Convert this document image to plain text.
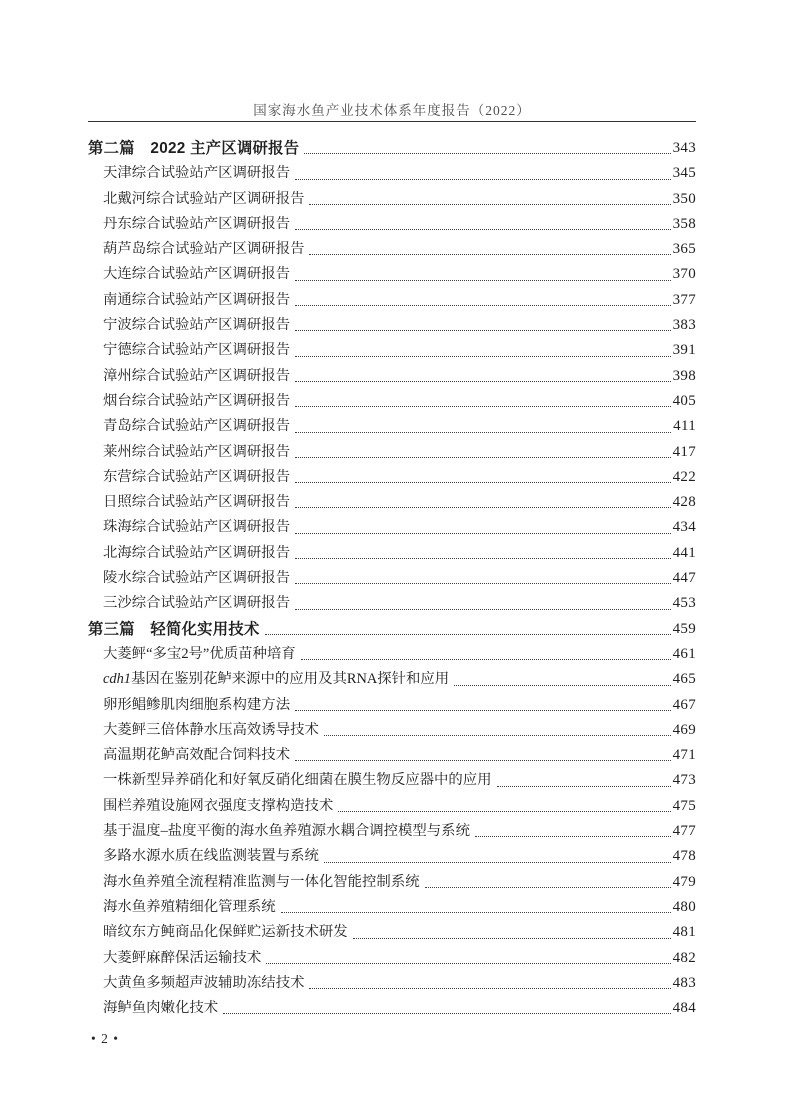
国家海水鱼产业技术体系年度报告（2022）
第二篇　2022 主产区调研报告	343
天津综合试验站产区调研报告	345
北戴河综合试验站产区调研报告	350
丹东综合试验站产区调研报告	358
葫芦岛综合试验站产区调研报告	365
大连综合试验站产区调研报告	370
南通综合试验站产区调研报告	377
宁波综合试验站产区调研报告	383
宁德综合试验站产区调研报告	391
漳州综合试验站产区调研报告	398
烟台综合试验站产区调研报告	405
青岛综合试验站产区调研报告	411
莱州综合试验站产区调研报告	417
东营综合试验站产区调研报告	422
日照综合试验站产区调研报告	428
珠海综合试验站产区调研报告	434
北海综合试验站产区调研报告	441
陵水综合试验站产区调研报告	447
三沙综合试验站产区调研报告	453
第三篇　轻简化实用技术	459
大菱鲆“多宝2号”优质苗种培育	461
cdh1基因在鉴别花鲈来源中的应用及其RNA探针和应用	465
卵形鲳鲹肌肉细胞系构建方法	467
大菱鲆三倍体静水压高效诱导技术	469
高温期花鲈高效配合饲料技术	471
一株新型异养硝化和好氧反硝化细菌在膜生物反应器中的应用	473
围栏养殖设施网衣强度支撑构造技术	475
基于温度–盐度平衡的海水鱼养殖源水耦合调控模型与系统	477
多路水源水质在线监测装置与系统	478
海水鱼养殖全流程精准监测与一体化智能控制系统	479
海水鱼养殖精细化管理系统	480
暗纹东方鲀商品化保鲜贮运新技术研发	481
大菱鲆麻醉保活运输技术	482
大黄鱼多频超声波辅助冻结技术	483
海鲈鱼肉嫩化技术	484
• 2 •
